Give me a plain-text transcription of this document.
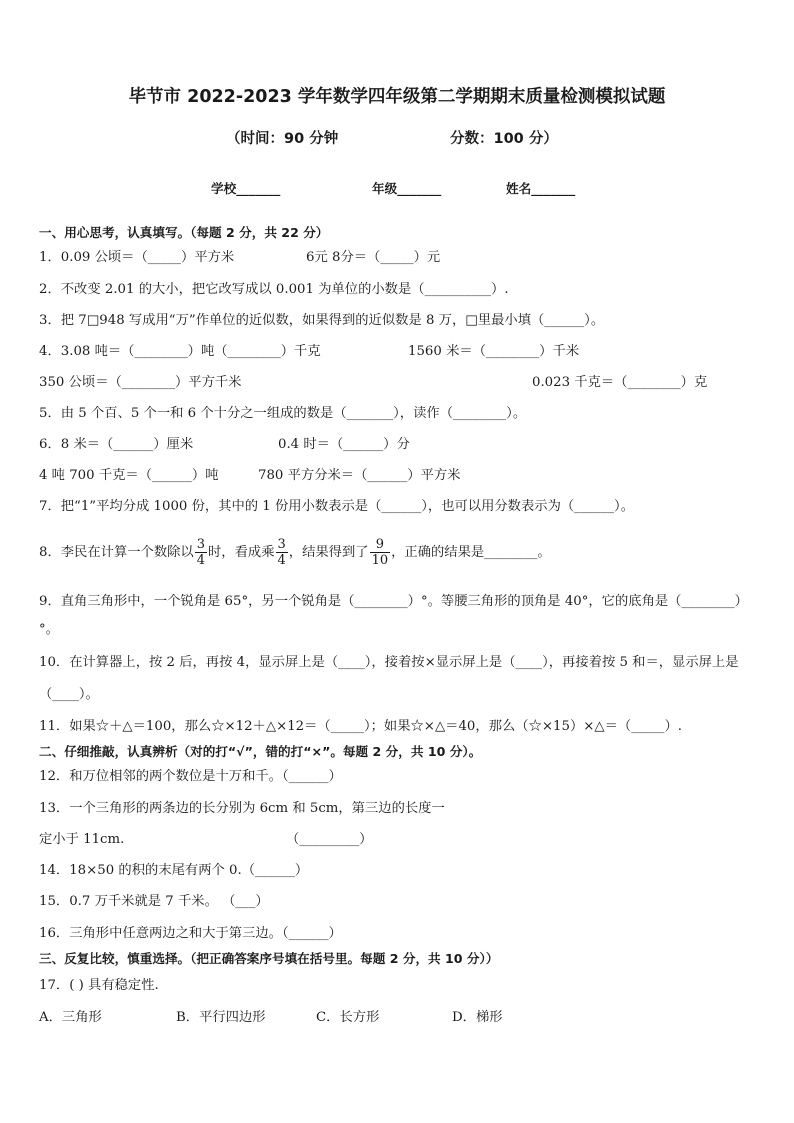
毕节市 2022-2023 学年数学四年级第二学期期末质量检测模拟试题
（时间：90 分钟	分数：100 分）
学校_______	年级_______	姓名_______
一、用心思考，认真填写。（每题 2 分，共 22 分）
1．0.09 公顷＝（_____）平方米	6元 8分＝（_____）元
2．不改变 2.01 的大小，把它改写成以 0.001 为单位的小数是（__________）.
3．把 7□948 写成用“万”作单位的近似数，如果得到的近似数是 8 万，□里最小填（______）。
4．3.08 吨＝（________）吨（________）千克	1560 米＝（________）千米
350 公顷＝（________）平方千米	0.023 千克＝（________）克
5．由 5 个百、5 个一和 6 个十分之一组成的数是（_______），读作（________）。
6．8 米＝（______）厘米	0.4 时＝（______）分
4 吨 700 千克＝（______）吨	780 平方分米＝（______）平方米
7．把“1”平均分成 1000 份，其中的 1 份用小数表示是（______），也可以用分数表示为（______）。
8．李民在计算一个数除以 $\frac{3}{4}$ 时，看成乘 $\frac{3}{4}$ ，结果得到了 $\frac{9}{10}$ ，正确的结果是________。
9．直角三角形中，一个锐角是 65°，另一个锐角是（________）°。等腰三角形的顶角是 40°，它的底角是（________）
°。
10．在计算器上，按 2 后，再按 4，显示屏上是（____），接着按×显示屏上是（____），再接着按 5 和＝，显示屏上是
（____）。
11．如果☆＋△＝100，那么☆×12＋△×12＝（_____）；如果☆×△＝40，那么（☆×15）×△＝（_____）.
二、仔细推敲，认真辨析（对的打“√”，错的打“×”。每题 2 分，共 10 分）。
12．和万位相邻的两个数位是十万和千。（______）
13．一个三角形的两条边的长分别为 6cm 和 5cm，第三边的长度一
定小于 11cm.	（_________）
14．18×50 的积的末尾有两个 0.（______）
15．0.7 万千米就是 7 千米。 （___）
16．三角形中任意两边之和大于第三边。（______）
三、反复比较，慎重选择。（把正确答案序号填在括号里。每题 2 分，共 10 分））
17．( ) 具有稳定性.
A．三角形	B．平行四边形	C．长方形	D．梯形
